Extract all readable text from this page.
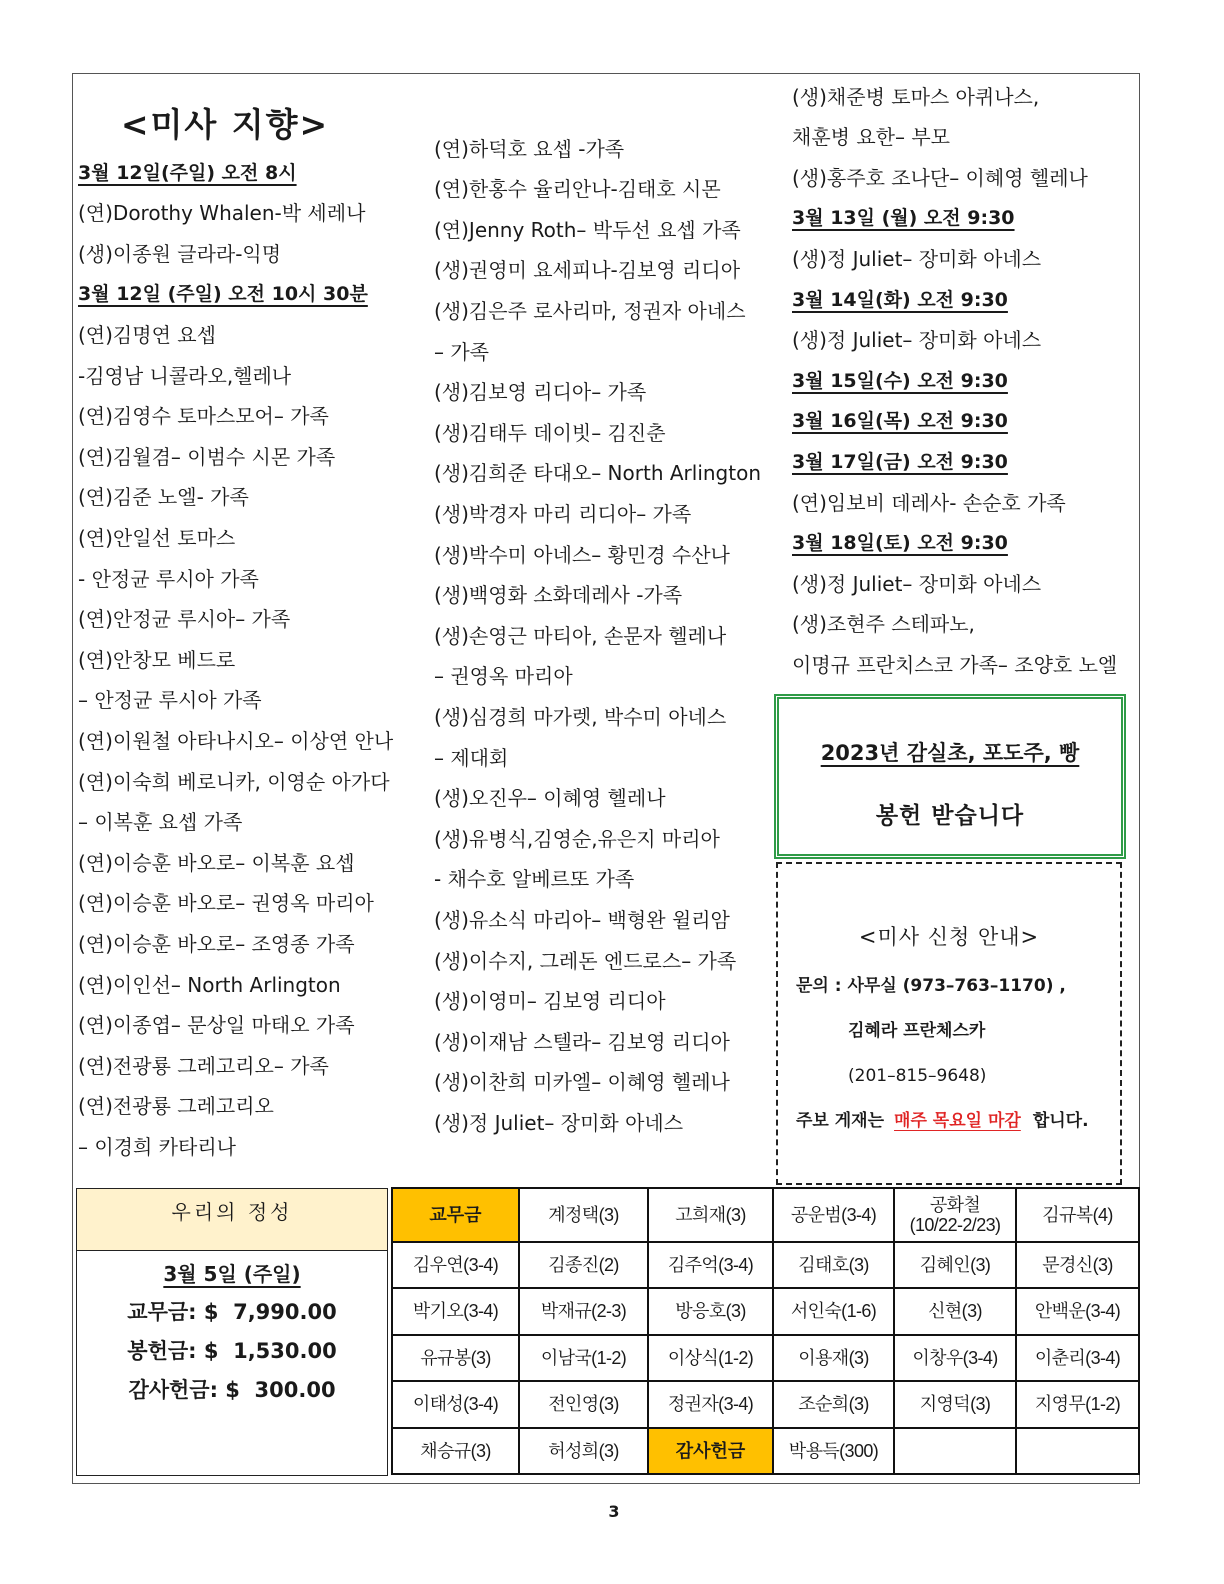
<미사 지향>
3월 12일(주일) 오전 8시
(연)Dorothy Whalen-박 세레나
(생)이종원 글라라-익명
3월 12일 (주일) 오전 10시 30분
(연)김명연 요셉
-김영남 니콜라오,헬레나
(연)김영수 토마스모어– 가족
(연)김월겸– 이범수 시몬 가족
(연)김준 노엘- 가족
(연)안일선 토마스
- 안정균 루시아 가족
(연)안정균 루시아– 가족
(연)안창모 베드로
– 안정균 루시아 가족
(연)이원철 아타나시오– 이상연 안나
(연)이숙희 베로니카, 이영순 아가다
– 이복훈 요셉 가족
(연)이승훈 바오로– 이복훈 요셉
(연)이승훈 바오로– 권영옥 마리아
(연)이승훈 바오로– 조영종 가족
(연)이인선– North Arlington
(연)이종엽– 문상일 마태오 가족
(연)전광룡 그레고리오– 가족
(연)전광룡 그레고리오
– 이경희 카타리나
(연)하덕호 요셉 -가족
(연)한홍수 율리안나-김태호 시몬
(연)Jenny Roth– 박두선 요셉 가족
(생)권영미 요세피나-김보영 리디아
(생)김은주 로사리마, 정권자 아네스
– 가족
(생)김보영 리디아– 가족
(생)김태두 데이빗– 김진춘
(생)김희준 타대오– North Arlington
(생)박경자 마리 리디아– 가족
(생)박수미 아네스– 황민경 수산나
(생)백영화 소화데레사 -가족
(생)손영근 마티아, 손문자 헬레나
– 권영옥 마리아
(생)심경희 마가렛, 박수미 아네스
– 제대회
(생)오진우– 이혜영 헬레나
(생)유병식,김영순,유은지 마리아
- 채수호 알베르또 가족
(생)유소식 마리아– 백형완 윌리암
(생)이수지, 그레돈 엔드로스– 가족
(생)이영미– 김보영 리디아
(생)이재남 스텔라– 김보영 리디아
(생)이찬희 미카엘– 이혜영 헬레나
(생)정 Juliet– 장미화 아네스
(생)채준병 토마스 아퀴나스,
채훈병 요한– 부모
(생)홍주호 조나단– 이혜영 헬레나
3월 13일 (월) 오전 9:30
(생)정 Juliet– 장미화 아네스
3월 14일(화) 오전 9:30
(생)정 Juliet– 장미화 아네스
3월 15일(수) 오전 9:30
3월 16일(목) 오전 9:30
3월 17일(금) 오전 9:30
(연)임보비 데레사- 손순호 가족
3월 18일(토) 오전 9:30
(생)정 Juliet– 장미화 아네스
(생)조현주 스테파노,
이명규 프란치스코 가족– 조양호 노엘
2023년 감실초, 포도주, 빵
봉헌 받습니다
<미사 신청 안내>
문의 : 사무실 (973–763–1170) ,
김혜라 프란체스카
(201–815–9648)
주보 게재는 매주 목요일 마감 합니다.
우리의 정성
3월 5일 (주일)
교무금: $  7,990.00
봉헌금: $  1,530.00
감사헌금: $  300.00
교무금	계정택(3)	고희재(3)	공운범(3-4)	공화철
(10/22-2/23)	김규복(4)
김우연(3-4)	김종진(2)	김주억(3-4)	김태호(3)	김혜인(3)	문경신(3)
박기오(3-4)	박재규(2-3)	방응호(3)	서인숙(1-6)	신현(3)	안백운(3-4)
유규봉(3)	이남국(1-2)	이상식(1-2)	이용재(3)	이창우(3-4)	이춘리(3-4)
이태성(3-4)	전인영(3)	정권자(3-4)	조순희(3)	지영덕(3)	지영무(1-2)
채승규(3)	허성희(3)	감사헌금	박용득(300)		
3
